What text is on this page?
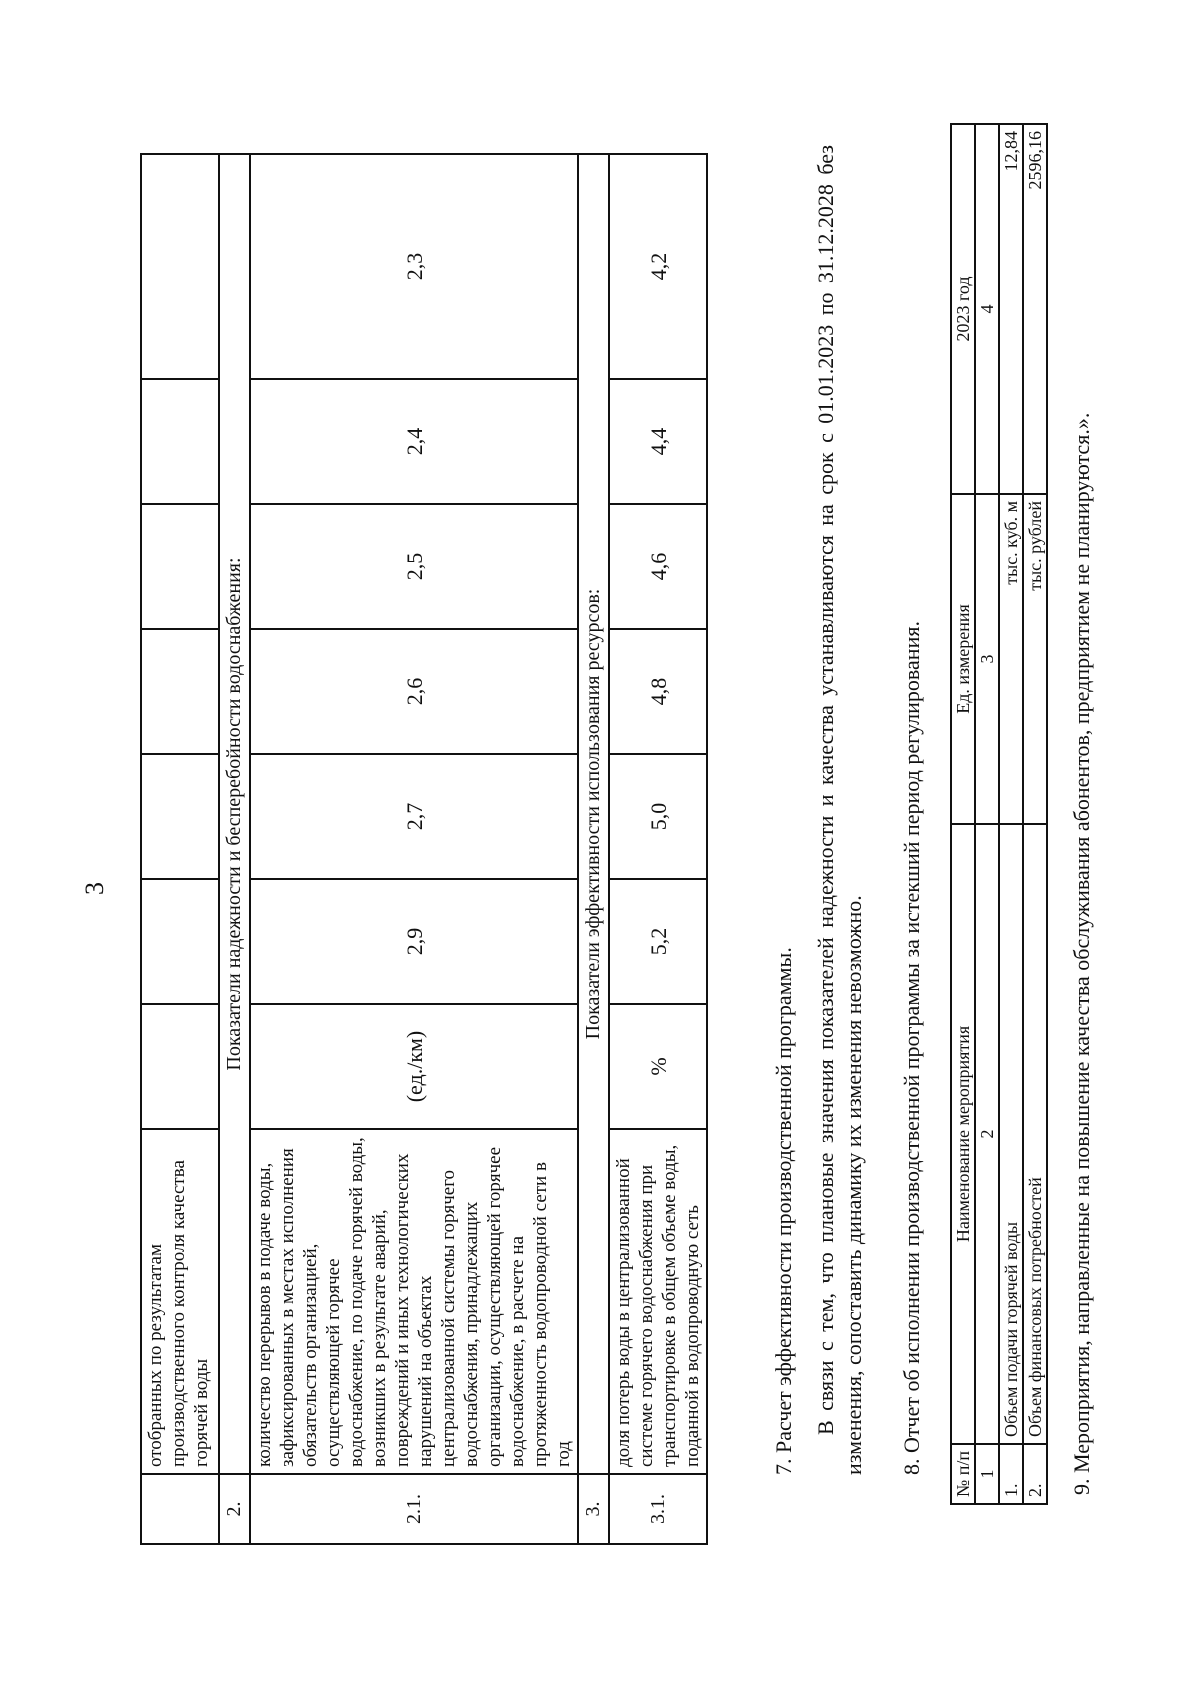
3
	отобранных по результатам производственного контроля качества горячей воды							
2.	Показатели надежности и бесперебойности водоснабжения:							
2.1.	количество перерывов в подаче воды, зафиксированных в местах исполнения обязательств организацией, осуществляющей горячее водоснабжение, по подаче горячей воды, возникших в результате аварий, повреждений и иных технологических нарушений на объектах централизованной системы горячего водоснабжения, принадлежащих организации, осуществляющей горячее водоснабжение, в расчете на протяженность водопроводной сети в год	(ед./км)	2,9	2,7	2,6	2,5	2,4	2,3
3.	Показатели эффективности использования ресурсов:							
3.1.	доля потерь воды в централизованной системе горячего водоснабжения при транспортировке в общем объеме воды, поданной в водопроводную сеть	%	5,2	5,0	4,8	4,6	4,4	4,2
7. Расчет эффективности производственной программы. В связи с тем, что плановые значения показателей надежности и качества устанавливаются на срок с 01.01.2023 по 31.12.2028 без изменения, сопоставить динамику их изменения невозможно. 8. Отчет об исполнении производственной программы за истекший период регулирования. № п/п	Наименование мероприятия	Ед. измерения	2023 год
1	2	3	4
1.	Объем подачи горячей воды	тыс. куб. м	12,84
2.	Объем финансовых потребностей	тыс. рублей	2596,16
9. Мероприятия, направленные на повышение качества обслуживания абонентов, предприятием не планируются.».
